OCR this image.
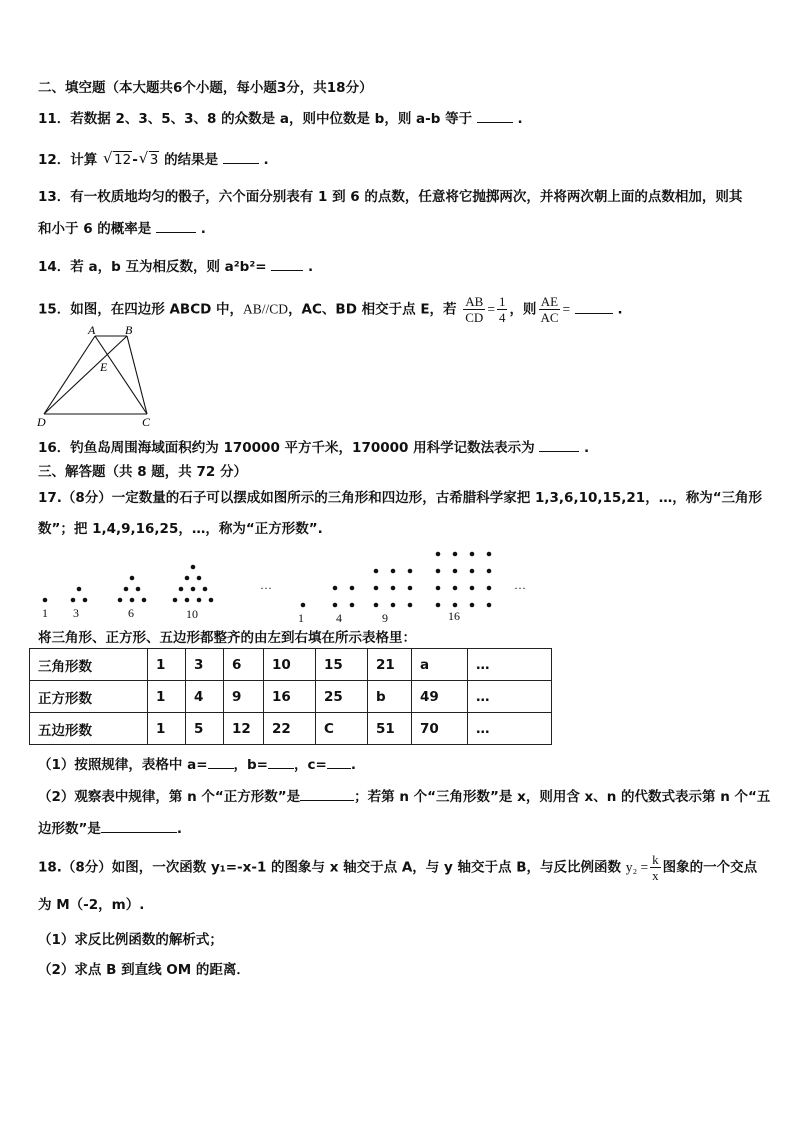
二、填空题（本大题共6个小题，每小题3分，共18分）
11．若数据 2、3、5、3、8 的众数是 a，则中位数是 b，则 a-b 等于	.
12．计算 √ 12- √ 3 的结果是	.
13．有一枚质地均匀的骰子，六个面分别表有 1 到 6 的点数，任意将它抛掷两次，并将两次朝上面的点数相加，则其
和小于 6 的概率是	.
14．若 a，b 互为相反数，则 a²b²=	.
15．如图，在四边形 ABCD 中，AB//CD，AC、BD 相交于点 E，若 $\frac{AB}{CD} = \frac{1}{4}$ ，则 $\frac{AE}{AC}$ =	.
A B
C
D
E
16．钓鱼岛周围海域面积约为 170000 平方千米，170000 用科学记数法表示为	.
三、解答题（共 8 题，共 72 分）
17.（8分）一定数量的石子可以摆成如图所示的三角形和四边形，古希腊科学家把 1,3,6,10,15,21，…，称为“三角形
数”；把 1,4,9,16,25，…，称为“正方形数”.
1 3	6	10
…
1	4	9	16
…
将三角形、正方形、五边形都整齐的由左到右填在所示表格里：
三角形数	1	3	6	10	15	21	a	…
正方形数	1	4	9	16	25	b	49	…
五边形数	1	5	12	22	C	51	70	…
（1）按照规律，表格中 a= ，b= ，c= .
（2）观察表中规律，第 n 个“正方形数”是	；若第 n 个“三角形数”是 x，则用含 x、n 的代数式表示第 n 个“五
边形数”是	.
18.（8分）如图，一次函数 y₁=-x-1 的图象与 x 轴交于点 A，与 y 轴交于点 B，与反比例函数 $y_2 = \frac{k}{x}$ 图象的一个交点
为 M（-2，m）.
（1）求反比例函数的解析式；
（2）求点 B 到直线 OM 的距离．
